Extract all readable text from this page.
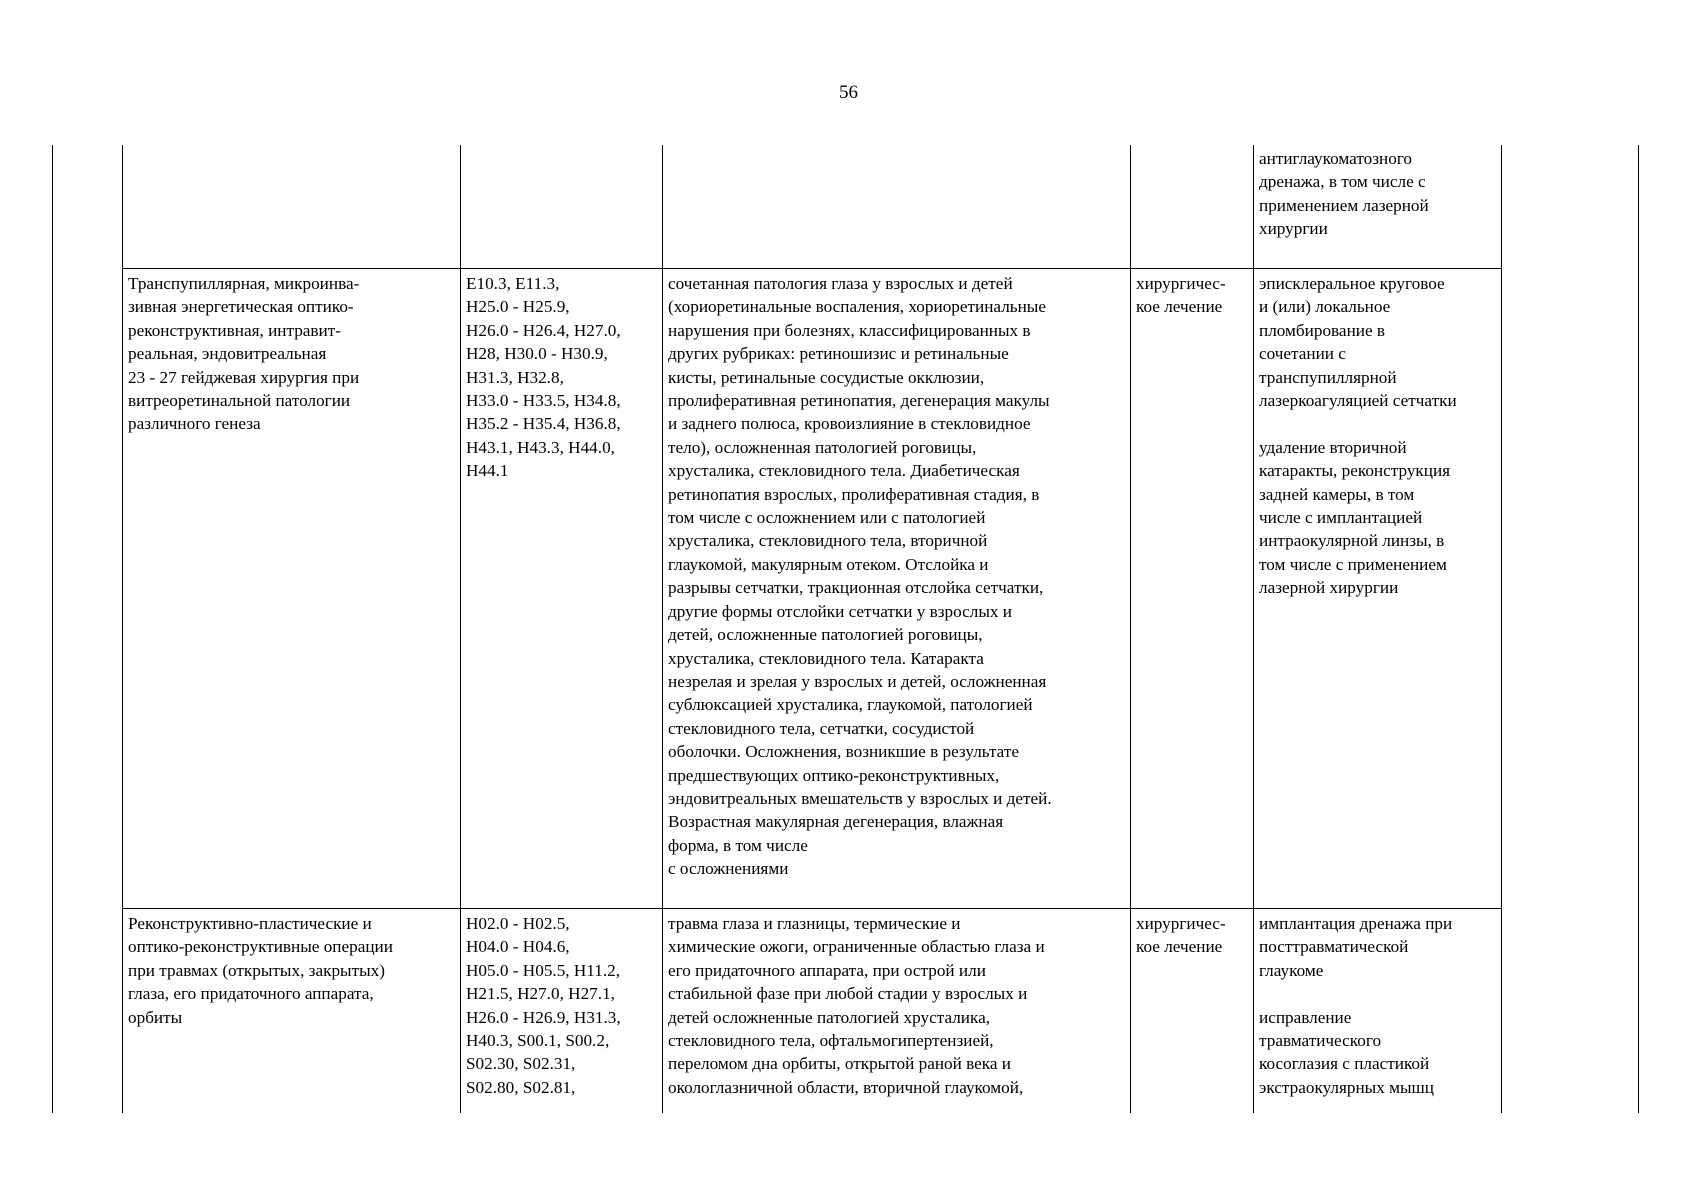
56
антиглаукоматозного
дренажа, в том числе с
применением лазерной
хирургии
Транспупиллярная, микроинва-
зивная энергетическая оптико-
реконструктивная, интравит-
реальная, эндовитреальная
23 - 27 гейджевая хирургия при
витреоретинальной патологии
различного генеза
E10.3, E11.3,
H25.0 - H25.9,
H26.0 - H26.4, H27.0,
H28, H30.0 - H30.9,
H31.3, H32.8,
H33.0 - H33.5, H34.8,
H35.2 - H35.4, H36.8,
H43.1, H43.3, H44.0,
H44.1
сочетанная патология глаза у взрослых и детей
(хориоретинальные воспаления, хориоретинальные
нарушения при болезнях, классифицированных в
других рубриках: ретиношизис и ретинальные
кисты, ретинальные сосудистые окклюзии,
пролиферативная ретинопатия, дегенерация макулы
и заднего полюса, кровоизлияние в стекловидное
тело), осложненная патологией роговицы,
хрусталика, стекловидного тела. Диабетическая
ретинопатия взрослых, пролиферативная стадия, в
том числе с осложнением или с патологией
хрусталика, стекловидного тела, вторичной
глаукомой, макулярным отеком. Отслойка и
разрывы сетчатки, тракционная отслойка сетчатки,
другие формы отслойки сетчатки у взрослых и
детей, осложненные патологией роговицы,
хрусталика, стекловидного тела. Катаракта
незрелая и зрелая у взрослых и детей, осложненная
сублюксацией хрусталика, глаукомой, патологией
стекловидного тела, сетчатки, сосудистой
оболочки. Осложнения, возникшие в результате
предшествующих оптико-реконструктивных,
эндовитреальных вмешательств у взрослых и детей.
Возрастная макулярная дегенерация, влажная
форма, в том числе
с осложнениями
хирургичес-
кое лечение
эписклеральное круговое
и (или) локальное
пломбирование в
сочетании с
транспупиллярной
лазеркоагуляцией сетчатки

удаление вторичной
катаракты, реконструкция
задней камеры, в том
числе с имплантацией
интраокулярной линзы, в
том числе с применением
лазерной хирургии
Реконструктивно-пластические и
оптико-реконструктивные операции
при травмах (открытых, закрытых)
глаза, его придаточного аппарата,
орбиты
H02.0 - H02.5,
H04.0 - H04.6,
H05.0 - H05.5, H11.2,
H21.5, H27.0, H27.1,
H26.0 - H26.9, H31.3,
H40.3, S00.1, S00.2,
S02.30, S02.31,
S02.80, S02.81,
травма глаза и глазницы, термические и
химические ожоги, ограниченные областью глаза и
его придаточного аппарата, при острой или
стабильной фазе при любой стадии у взрослых и
детей осложненные патологией хрусталика,
стекловидного тела, офтальмогипертензией,
переломом дна орбиты, открытой раной века и
окологлазничной области, вторичной глаукомой,
хирургичес-
кое лечение
имплантация дренажа при
посттравматической
глаукоме

исправление
травматического
косоглазия с пластикой
экстраокулярных мышц
